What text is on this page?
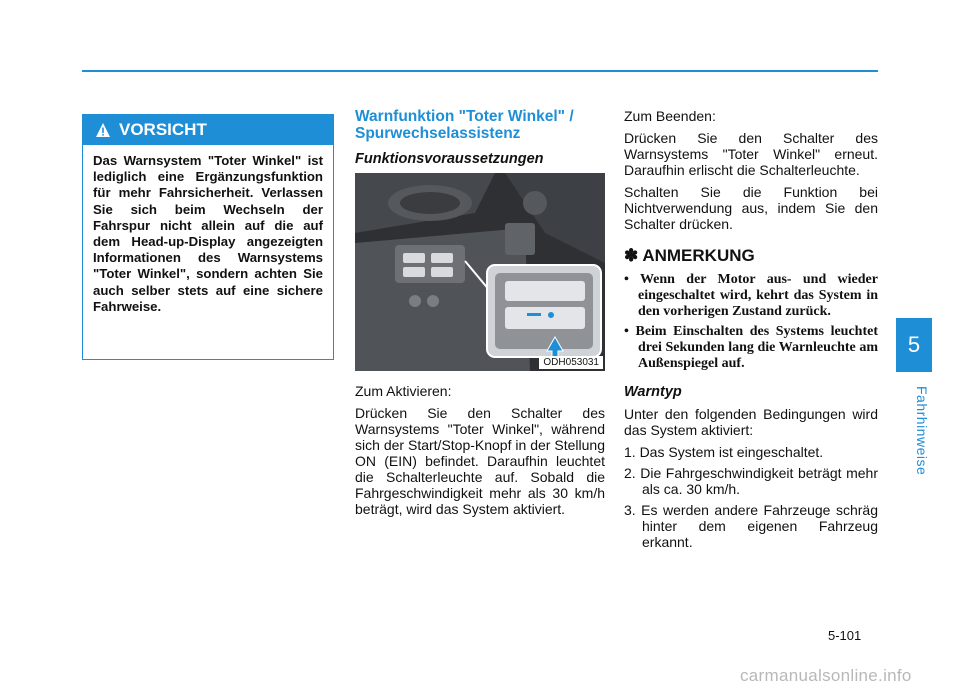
5
Fahrhinweise
VORSICHT
Das Warnsystem "Toter Winkel" ist lediglich eine Ergänzungsfunktion für mehr Fahrsicherheit. Verlassen Sie sich beim Wechseln der Fahrspur nicht allein auf die auf dem Head-up-Display angezeigten Informationen des Warnsystems "Toter Winkel", sondern achten Sie auch selber stets auf eine sichere Fahrweise.
Warnfunktion "Toter Winkel" / Spurwechselassistenz
Funktionsvoraussetzungen
ODH053031

Zum Aktivieren:

Drücken Sie den Schalter des Warnsystems "Toter Winkel", während sich der Start/Stop-Knopf in der Stellung ON (EIN) befindet. Daraufhin leuchtet die Schalterleuchte auf. Sobald die Fahrgeschwindigkeit mehr als 30 km/h beträgt, wird das System aktiviert.

Zum Beenden:

Drücken Sie den Schalter des Warnsystems "Toter Winkel" erneut. Daraufhin erlischt die Schalterleuchte.

Schalten Sie die Funktion bei Nichtverwendung aus, indem Sie den Schalter drücken.

✽ ANMERKUNG
• Wenn der Motor aus- und wieder eingeschaltet wird, kehrt das System in den vorherigen Zustand zurück.
• Beim Einschalten des Systems leuchtet drei Sekunden lang die Warnleuchte am Außenspiegel auf.
Warntyp

Unter den folgenden Bedingungen wird das System aktiviert:

1. Das System ist eingeschaltet.
2. Die Fahrgeschwindigkeit beträgt mehr als ca. 30 km/h.
3. Es werden andere Fahrzeuge schräg hinter dem eigenen Fahrzeug erkannt.
5-101
carmanualsonline.info
